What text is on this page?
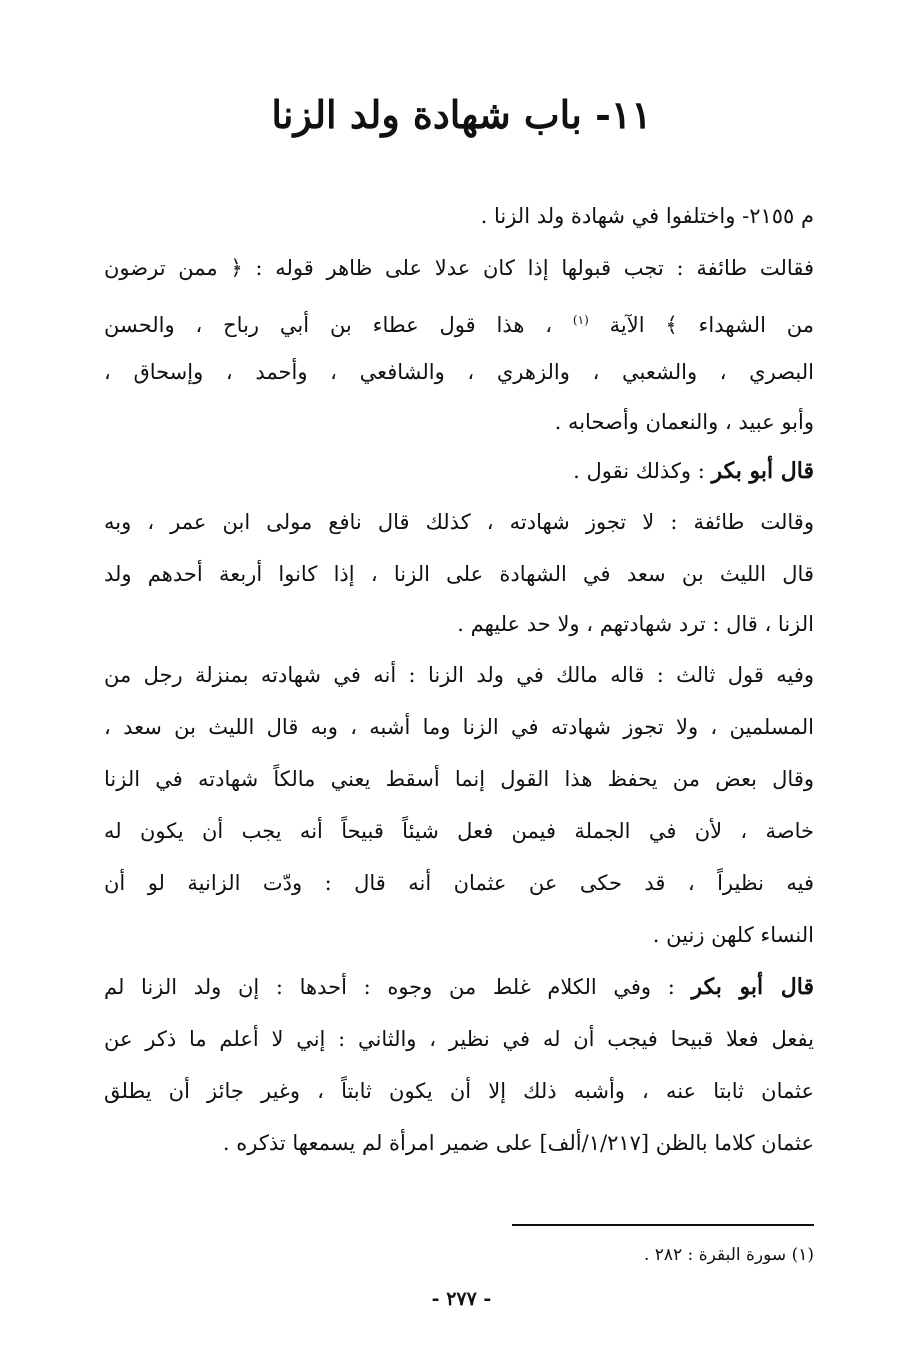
١١- باب شهادة ولد الزنا
م ٢١٥٥- واختلفوا في شهادة ولد الزنا .
فقالت طائفة : تجب قبولها إذا كان عدلا على ظاهر قوله : ﴿ ممن ترضون
من الشهداء ﴾ الآية $^{(١)}$ ، هذا قول عطاء بن أبي رباح ، والحسن
البصري ، والشعبي ، والزهري ، والشافعي ، وأحمد ، وإسحاق ،
وأبو عبيد ، والنعمان وأصحابه .
قال أبو بكر : وكذلك نقول .
وقالت طائفة : لا تجوز شهادته ، كذلك قال نافع مولى ابن عمر ، وبه
قال الليث بن سعد في الشهادة على الزنا ، إذا كانوا أربعة أحدهم ولد
الزنا ، قال : ترد شهادتهم ، ولا حد عليهم .
وفيه قول ثالث : قاله مالك في ولد الزنا : أنه في شهادته بمنزلة رجل من
المسلمين ، ولا تجوز شهادته في الزنا وما أشبه ، وبه قال الليث بن سعد ،
وقال بعض من يحفظ هذا القول إنما أسقط يعني مالكاً شهادته في الزنا
خاصة ، لأن في الجملة فيمن فعل شيئاً قبيحاً أنه يجب أن يكون له
فيه نظيراً ، قد حكى عن عثمان أنه قال : ودّت الزانية لو أن
النساء كلهن زنين .
قال أبو بكر : وفي الكلام غلط من وجوه : أحدها : إن ولد الزنا لم
يفعل فعلا قبيحا فيجب أن له في نظير ، والثاني : إني لا أعلم ما ذكر عن
عثمان ثابتا عنه ، وأشبه ذلك إلا أن يكون ثابتاً ، وغير جائز أن يطلق
عثمان كلاما بالظن [١/٢١٧/ألف] على ضمير امرأة لم يسمعها تذكره .
(١) سورة البقرة : ٢٨٢ .
- ٢٧٧ -
